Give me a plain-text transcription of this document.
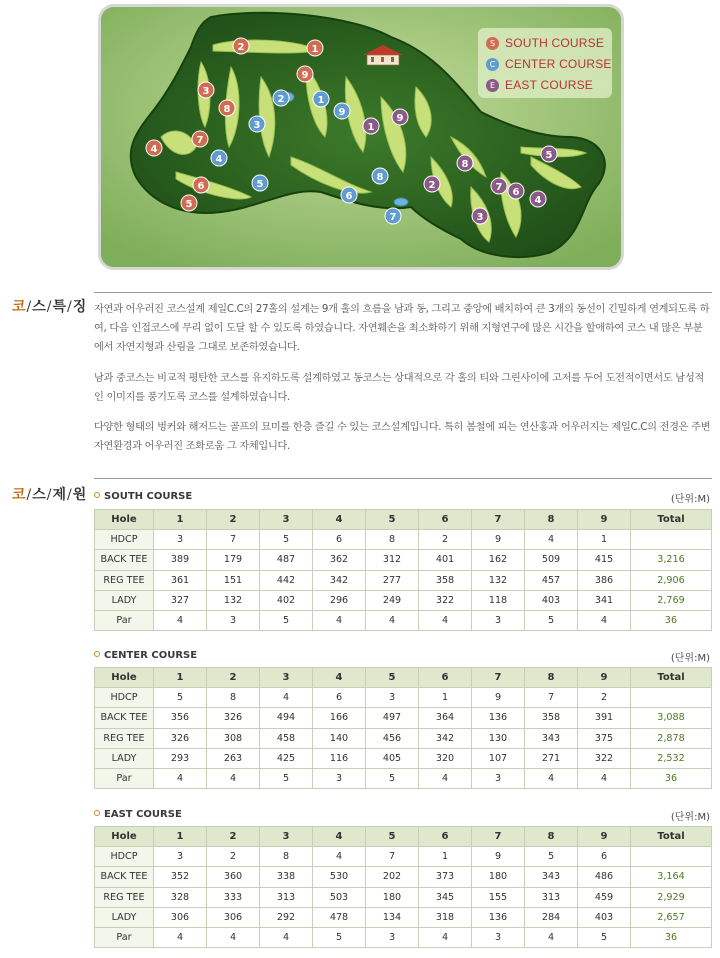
1
2
3
4
5
6
7
8
9
1
2
3
4
5
6
7
8
9
1
2
3
4
5
6
7
8
9
S SOUTH COURSE
C CENTER COURSE
E EAST COURSE
코/스/특/징 자연과 어우러진 코스설계 제일C.C의 27홀의 설계는 9개 홀의 흐름을 남과 동, 그리고 중앙에 배치하여 큰 3개의 동선이 긴밀하게 연계되도록 하여, 다음 인접코스에 무리 없이 도달 할 수 있도록 하였습니다. 자연훼손을 최소화하기 위해 지형연구에 많은 시간을 할애하여 코스 내 많은 부분에서 자연지형과 산림을 그대로 보존하였습니다.

남과 중코스는 비교적 평탄한 코스를 유지하도록 설계하였고 동코스는 상대적으로 각 홀의 티와 그린사이에 고저를 두어 도전적이면서도 남성적인 이미지를 풍기도록 코스를 설계하였습니다.

다양한 형태의 벙커와 해저드는 골프의 묘미를 한층 즐길 수 있는 코스설계입니다. 특히 봄철에 피는 연산홍과 어우러지는 제일C.C의 전경은 주변자연환경과 어우러진 조화로움 그 자체입니다.

코/스/제/원	SOUTH COURSE	(단위:M)
Hole	1	2	3	4	5	6	7	8	9	Total
HDCP	3	7	5	6	8	2	9	4	1	
BACK TEE	389	179	487	362	312	401	162	509	415	3,216
REG TEE	361	151	442	342	277	358	132	457	386	2,906
LADY	327	132	402	296	249	322	118	403	341	2,769
Par	4	3	5	4	4	4	3	5	4	36
CENTER COURSE	(단위:M)
Hole	1	2	3	4	5	6	7	8	9	Total
HDCP	5	8	4	6	3	1	9	7	2	
BACK TEE	356	326	494	166	497	364	136	358	391	3,088
REG TEE	326	308	458	140	456	342	130	343	375	2,878
LADY	293	263	425	116	405	320	107	271	322	2,532
Par	4	4	5	3	5	4	3	4	4	36
EAST COURSE	(단위:M)
Hole	1	2	3	4	5	6	7	8	9	Total
HDCP	3	2	8	4	7	1	9	5	6	
BACK TEE	352	360	338	530	202	373	180	343	486	3,164
REG TEE	328	333	313	503	180	345	155	313	459	2,929
LADY	306	306	292	478	134	318	136	284	403	2,657
Par	4	4	4	5	3	4	3	4	5	36
